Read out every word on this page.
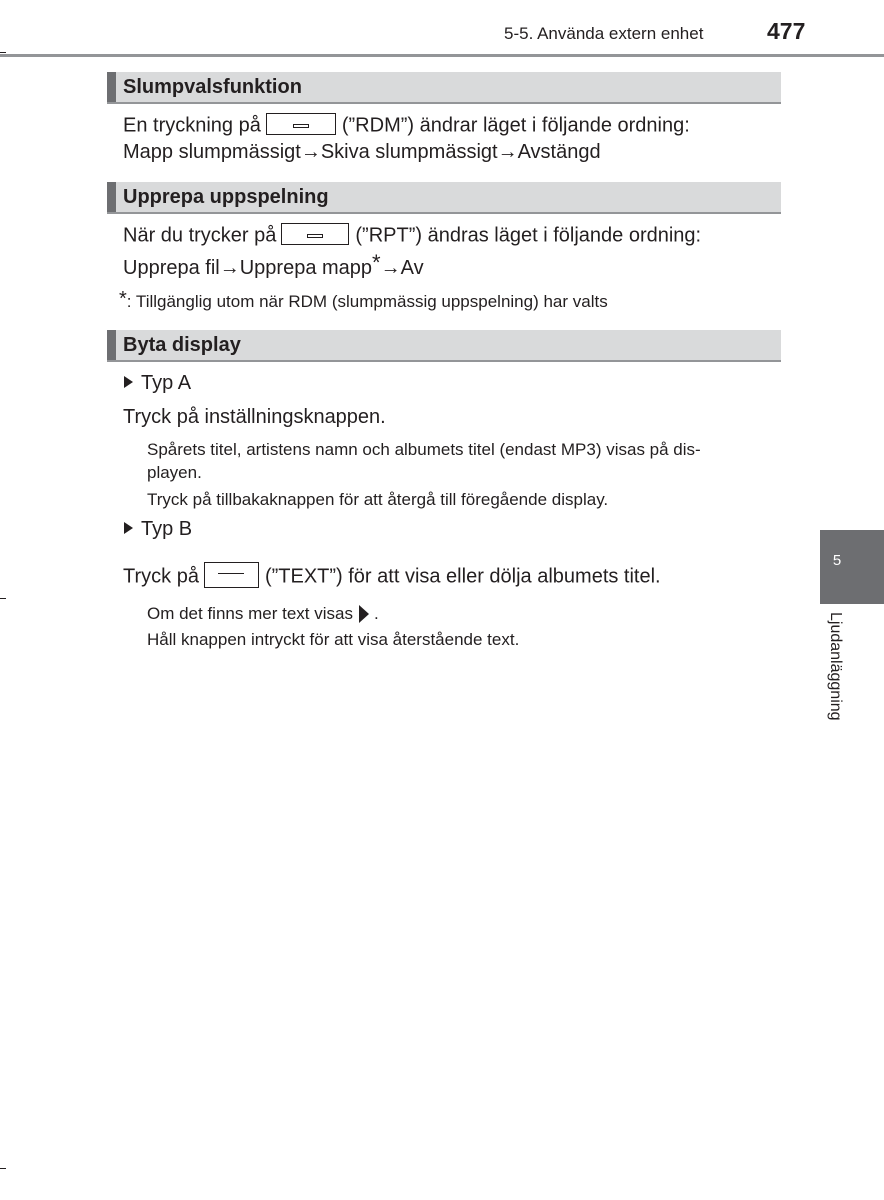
5-5. Använda extern enhet	477
Slumpvalsfunktion
En tryckning på	(”RDM”) ändrar läget i följande ordning:
Mapp slumpmässigt→Skiva slumpmässigt→Avstängd
Upprepa uppspelning
När du trycker på	(”RPT”) ändras läget i följande ordning:
Upprepa fil→Upprepa mapp*→Av
*: Tillgänglig utom när RDM (slumpmässig uppspelning) har valts
Byta display
Typ A
Tryck på inställningsknappen.
Spårets titel, artistens namn och albumets titel (endast MP3) visas på dis-
playen.
Tryck på tillbakaknappen för att återgå till föregående display.
Typ B
Tryck på	(”TEXT”) för att visa eller dölja albumets titel.
Om det finns mer text visas .
Håll knappen intryckt för att visa återstående text.
5
Ljudanläggning
